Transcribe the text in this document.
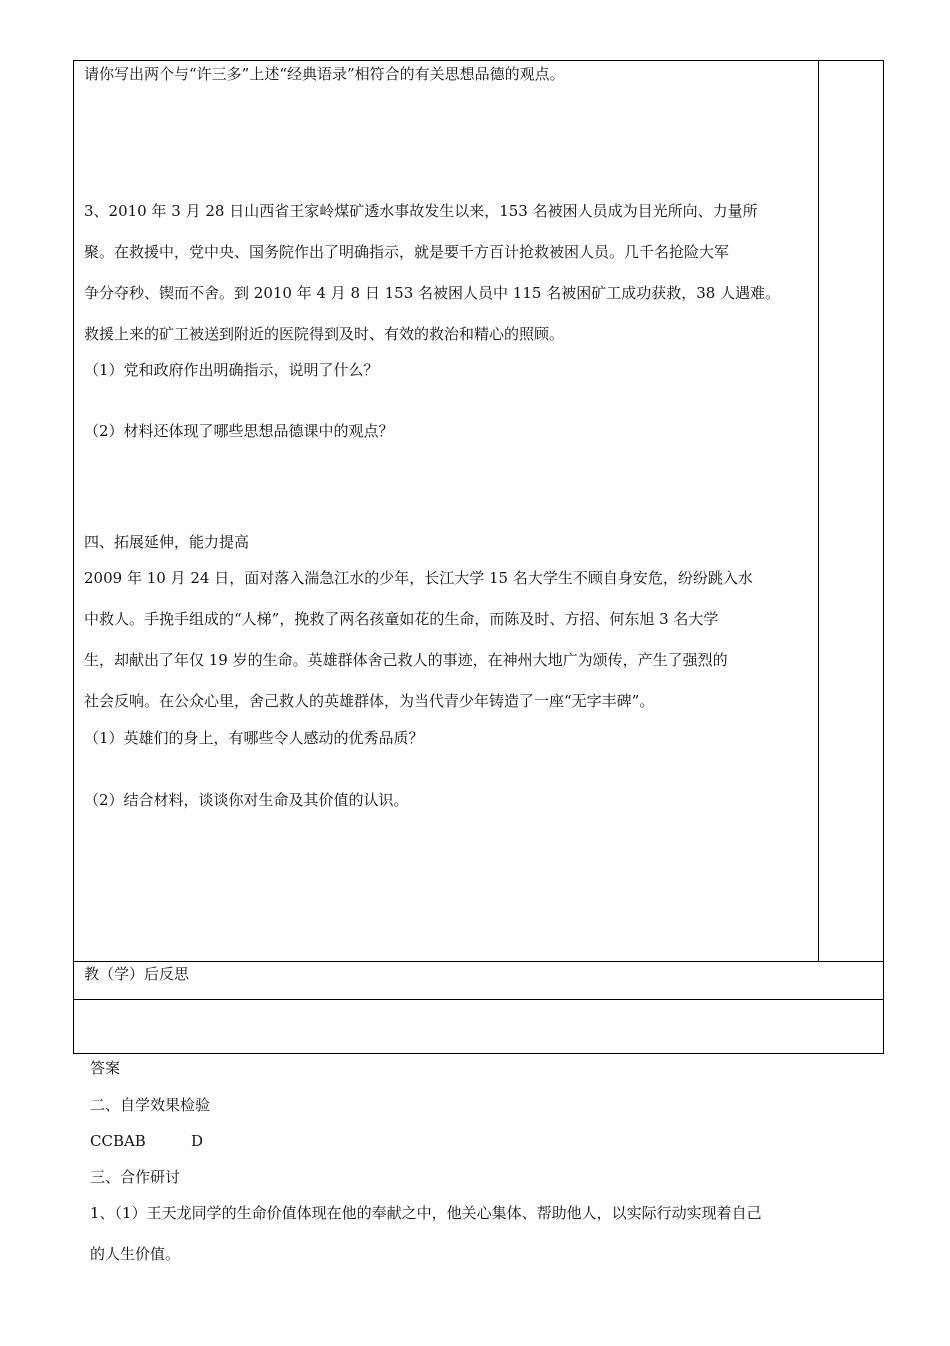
请你写出两个与“许三多”上述“经典语录”相符合的有关思想品德的观点。
3、2010 年 3 月 28 日山西省王家岭煤矿透水事故发生以来，153 名被困人员成为目光所向、力量所
聚。在救援中，党中央、国务院作出了明确指示，就是要千方百计抢救被困人员。几千名抢险大军
争分夺秒、锲而不舍。到 2010 年 4 月 8 日 153 名被困人员中 115 名被困矿工成功获救，38 人遇难。
救援上来的矿工被送到附近的医院得到及时、有效的救治和精心的照顾。
（1）党和政府作出明确指示，说明了什么？
（2）材料还体现了哪些思想品德课中的观点？
四、拓展延伸，能力提高
2009 年 10 月 24 日，面对落入湍急江水的少年，长江大学 15 名大学生不顾自身安危，纷纷跳入水
中救人。手挽手组成的“人梯”，挽救了两名孩童如花的生命，而陈及时、方招、何东旭 3 名大学
生，却献出了年仅 19 岁的生命。英雄群体舍己救人的事迹，在神州大地广为颂传，产生了强烈的
社会反响。在公众心里，舍己救人的英雄群体，为当代青少年铸造了一座“无字丰碑”。
（1）英雄们的身上，有哪些令人感动的优秀品质？
（2）结合材料，谈谈你对生命及其价值的认识。
教（学）后反思
答案
二、自学效果检验
CCBAB	D
三、合作研讨
1、（1）王天龙同学的生命价值体现在他的奉献之中，他关心集体、帮助他人，以实际行动实现着自己
的人生价值。
